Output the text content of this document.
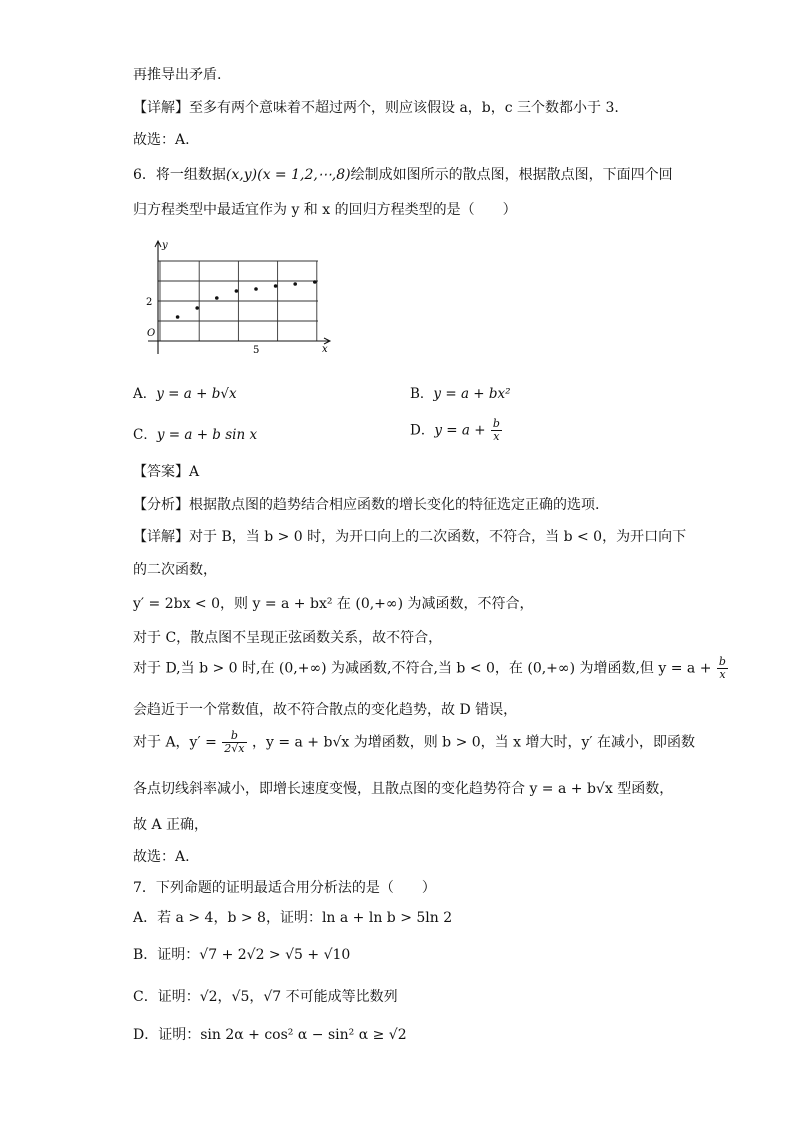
再推导出矛盾.
【详解】至多有两个意味着不超过两个，则应该假设 a，b，c 三个数都小于 3.
故选：A.
6．将一组数据(x,y)(x = 1,2,⋯,8)绘制成如图所示的散点图，根据散点图，下面四个回
归方程类型中最适宜作为 y 和 x 的回归方程类型的是（　　）
y
x
O
5
2
A．y = a + b√x	B．y = a + bx²
C．y = a + b sin x	D．$y = a + \frac{b}{x}$
【答案】A
【分析】根据散点图的趋势结合相应函数的增长变化的特征选定正确的选项.
【详解】对于 B，当 b > 0 时，为开口向上的二次函数，不符合，当 b < 0，为开口向下
的二次函数，
y′ = 2bx < 0，则 y = a + bx² 在 (0,+∞) 为减函数，不符合，
对于 C，散点图不呈现正弦函数关系，故不符合，
对于 D,当 b > 0 时,在 (0,+∞) 为减函数,不符合,当 b < 0，在 (0,+∞) 为增函数,但 $y = a + \frac{b}{x}$
会趋近于一个常数值，故不符合散点的变化趋势，故 D 错误，
对于 A，$y' = \frac{b}{2√x}$ ，y = a + b√x 为增函数，则 b > 0，当 x 增大时，y′ 在减小，即函数
各点切线斜率减小，即增长速度变慢，且散点图的变化趋势符合 y = a + b√x 型函数，
故 A 正确，
故选：A.
7．下列命题的证明最适合用分析法的是（　　）
A．若 a > 4，b > 8，证明：ln a + ln b > 5ln 2
B．证明：√7 + 2√2 > √5 + √10
C．证明：√2，√5，√7 不可能成等比数列
D．证明：sin 2α + cos² α − sin² α ≥ √2
